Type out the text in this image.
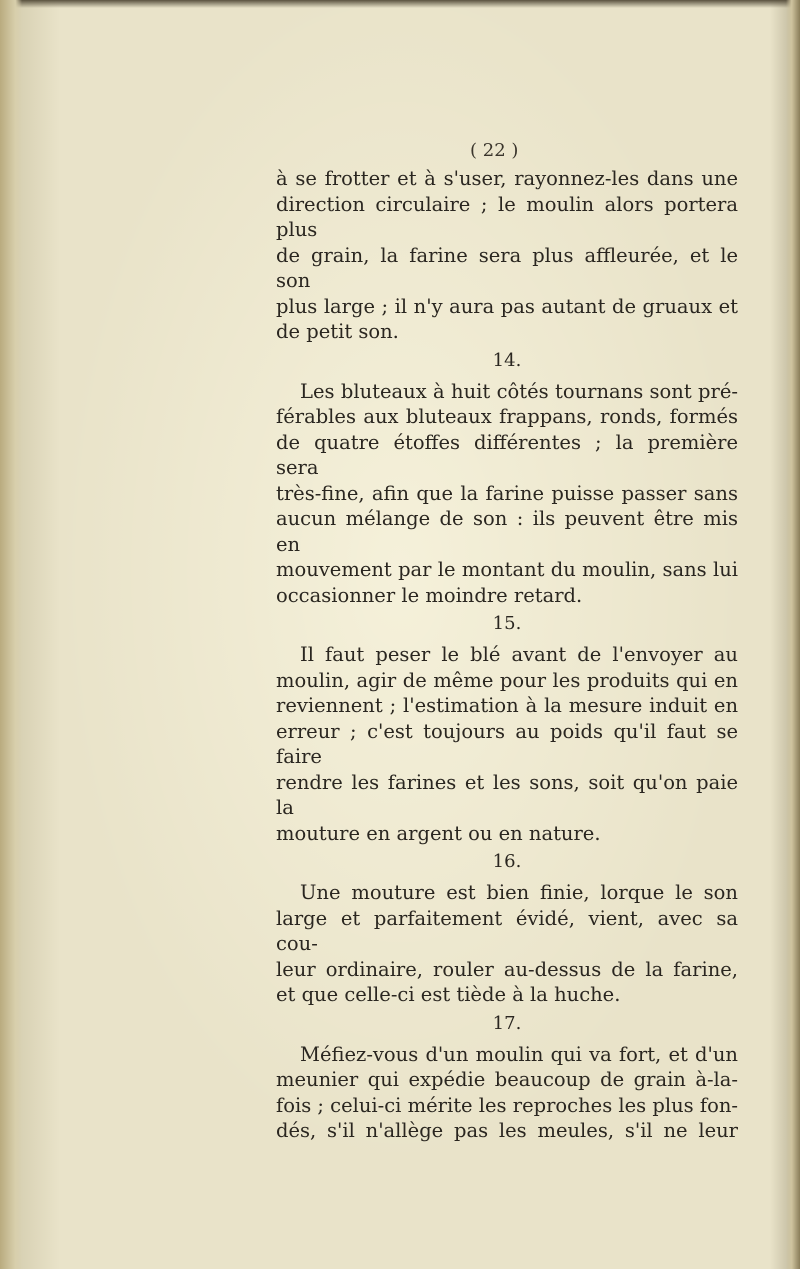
( 22 )
à se frotter et à s'user, rayonnez-les dans une
direction circulaire ; le moulin alors portera plus
de grain, la farine sera plus affleurée, et le son
plus large ; il n'y aura pas autant de gruaux et
de petit son.
14.
Les bluteaux à huit côtés tournans sont pré-
férables aux bluteaux frappans, ronds, formés
de quatre étoffes différentes ; la première sera
très-fine, afin que la farine puisse passer sans
aucun mélange de son : ils peuvent être mis en
mouvement par le montant du moulin, sans lui
occasionner le moindre retard.
15.
Il faut peser le blé avant de l'envoyer au
moulin, agir de même pour les produits qui en
reviennent ; l'estimation à la mesure induit en
erreur ; c'est toujours au poids qu'il faut se faire
rendre les farines et les sons, soit qu'on paie la
mouture en argent ou en nature.
16.
Une mouture est bien finie, lorque le son
large et parfaitement évidé, vient, avec sa cou-
leur ordinaire, rouler au-dessus de la farine,
et que celle-ci est tiède à la huche.
17.
Méfiez-vous d'un moulin qui va fort, et d'un
meunier qui expédie beaucoup de grain à-la-
fois ; celui-ci mérite les reproches les plus fon-
dés, s'il n'allège pas les meules, s'il ne leur
